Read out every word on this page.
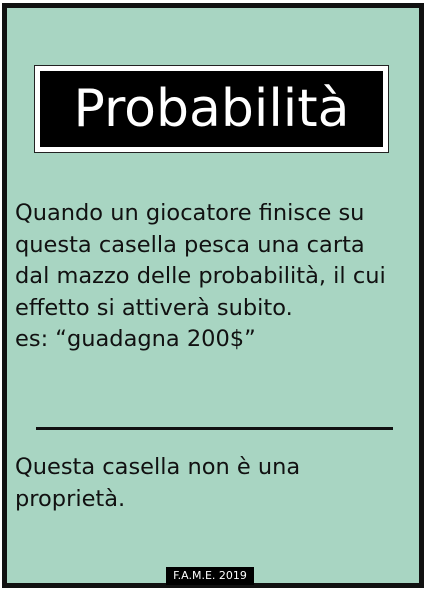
Probabilità

Quando un giocatore finisce su
questa casella pesca una carta
dal mazzo delle probabilità, il cui
effetto si attiverà subito.
es: “guadagna 200$”

Questa casella non è una
proprietà.

F.A.M.E. 2019
